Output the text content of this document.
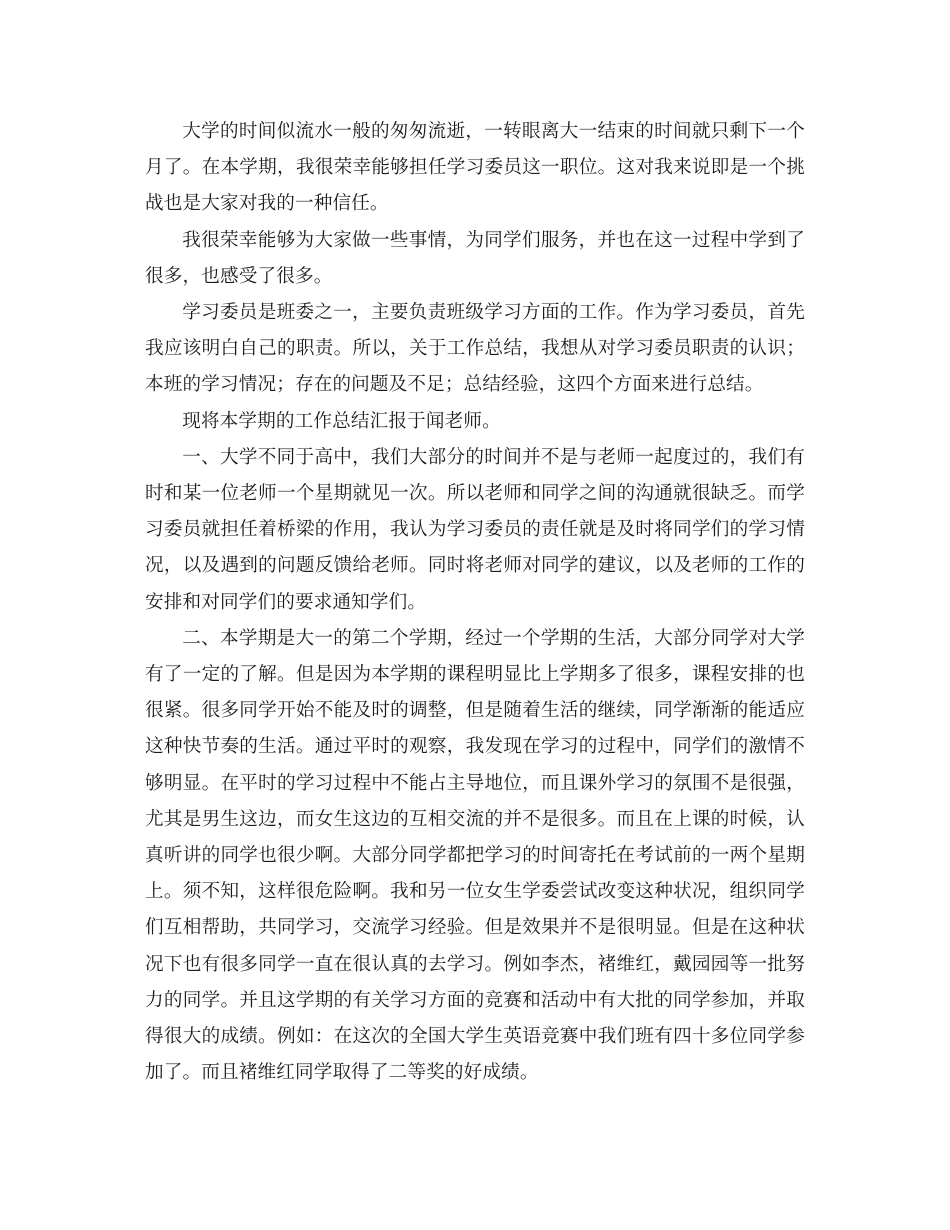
大学的时间似流水一般的匆匆流逝，一转眼离大一结束的时间就只剩下一个月了。在本学期，我很荣幸能够担任学习委员这一职位。这对我来说即是一个挑战也是大家对我的一种信任。

我很荣幸能够为大家做一些事情，为同学们服务，并也在这一过程中学到了很多，也感受了很多。

学习委员是班委之一，主要负责班级学习方面的工作。作为学习委员，首先我应该明白自己的职责。所以，关于工作总结，我想从对学习委员职责的认识；本班的学习情况；存在的问题及不足；总结经验，这四个方面来进行总结。

现将本学期的工作总结汇报于闻老师。

一、大学不同于高中，我们大部分的时间并不是与老师一起度过的，我们有时和某一位老师一个星期就见一次。所以老师和同学之间的沟通就很缺乏。而学习委员就担任着桥梁的作用，我认为学习委员的责任就是及时将同学们的学习情况，以及遇到的问题反馈给老师。同时将老师对同学的建议，以及老师的工作的安排和对同学们的要求通知学们。

二、本学期是大一的第二个学期，经过一个学期的生活，大部分同学对大学有了一定的了解。但是因为本学期的课程明显比上学期多了很多，课程安排的也很紧。很多同学开始不能及时的调整，但是随着生活的继续，同学渐渐的能适应这种快节奏的生活。通过平时的观察，我发现在学习的过程中，同学们的激情不够明显。在平时的学习过程中不能占主导地位，而且课外学习的氛围不是很强，尤其是男生这边，而女生这边的互相交流的并不是很多。而且在上课的时候，认真听讲的同学也很少啊。大部分同学都把学习的时间寄托在考试前的一两个星期上。须不知，这样很危险啊。我和另一位女生学委尝试改变这种状况，组织同学们互相帮助，共同学习，交流学习经验。但是效果并不是很明显。但是在这种状况下也有很多同学一直在很认真的去学习。例如李杰，褚维红，戴园园等一批努力的同学。并且这学期的有关学习方面的竞赛和活动中有大批的同学参加，并取得很大的成绩。例如：在这次的全国大学生英语竞赛中我们班有四十多位同学参加了。而且褚维红同学取得了二等奖的好成绩。
